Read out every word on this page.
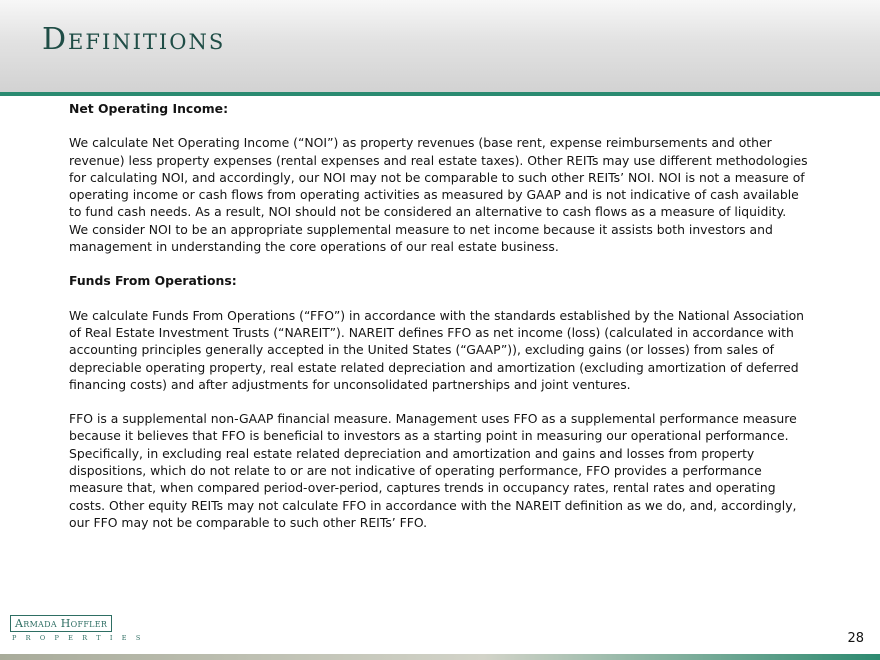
Definitions

Net Operating Income:

We calculate Net Operating Income (“NOI”) as property revenues (base rent, expense reimbursements and other revenue) less property expenses (rental expenses and real estate taxes). Other REITs may use different methodologies for calculating NOI, and accordingly, our NOI may not be comparable to such other REITs’ NOI. NOI is not a measure of operating income or cash flows from operating activities as measured by GAAP and is not indicative of cash available to fund cash needs. As a result, NOI should not be considered an alternative to cash flows as a measure of liquidity. We consider NOI to be an appropriate supplemental measure to net income because it assists both investors and management in understanding the core operations of our real estate business.

Funds From Operations:

We calculate Funds From Operations (“FFO”) in accordance with the standards established by the National Association of Real Estate Investment Trusts (“NAREIT”). NAREIT defines FFO as net income (loss) (calculated in accordance with accounting principles generally accepted in the United States (“GAAP”)), excluding gains (or losses) from sales of depreciable operating property, real estate related depreciation and amortization (excluding amortization of deferred financing costs) and after adjustments for unconsolidated partnerships and joint ventures.

FFO is a supplemental non-GAAP financial measure. Management uses FFO as a supplemental performance measure because it believes that FFO is beneficial to investors as a starting point in measuring our operational performance. Specifically, in excluding real estate related depreciation and amortization and gains and losses from property dispositions, which do not relate to or are not indicative of operating performance, FFO provides a performance measure that, when compared period-over-period, captures trends in occupancy rates, rental rates and operating costs. Other equity REITs may not calculate FFO in accordance with the NAREIT definition as we do, and, accordingly, our FFO may not be comparable to such other REITs’ FFO.

Armada Hoffler
PROPERTIES	28
